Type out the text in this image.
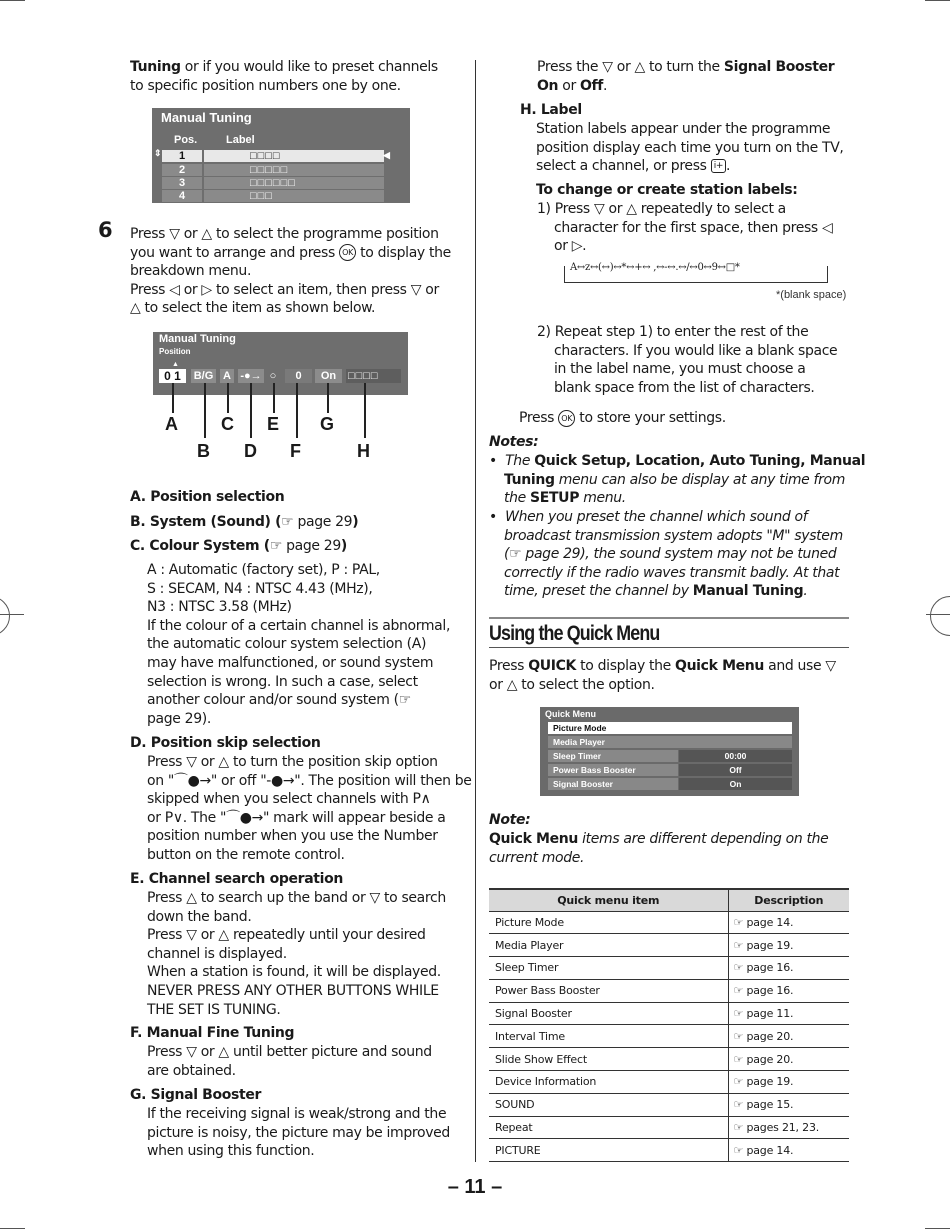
Tuning or if you would like to preset channels
to specific position numbers one by one.
Manual Tuning
Pos.	Label
⇕	1	□□□□	◀
2	□□□□□
3	□□□□□□
4	□□□
6 Press ▽ or △ to select the programme position
you want to arrange and press OK to display the
breakdown menu.
Press ◁ or ▷ to select an item, then press ▽ or
△ to select the item as shown below.
Manual Tuning
Position
▲
0 1	B/G A -●→ ○	0	On	□□□□
A
B
C
D
E
F
G
H
A. Position selection
B. System (Sound) (☞ page 29)
C. Colour System (☞ page 29)
A : Automatic (factory set), P : PAL,
S : SECAM, N4 : NTSC 4.43 (MHz),
N3 : NTSC 3.58 (MHz)
If the colour of a certain channel is abnormal,
the automatic colour system selection (A)
may have malfunctioned, or sound system
selection is wrong. In such a case, select
another colour and/or sound system (☞
page 29).
D. Position skip selection
Press ▽ or △ to turn the position skip option
on "⌒●→" or off "-●→". The position will then be
skipped when you select channels with P∧
or P∨. The "⌒●→" mark will appear beside a
position number when you use the Number
button on the remote control.
E. Channel search operation
Press △ to search up the band or ▽ to search
down the band.
Press ▽ or △ repeatedly until your desired
channel is displayed.
When a station is found, it will be displayed.
NEVER PRESS ANY OTHER BUTTONS WHILE
THE SET IS TUNING.
F. Manual Fine Tuning
Press ▽ or △ until better picture and sound
are obtained.
G. Signal Booster
If the receiving signal is weak/strong and the
picture is noisy, the picture may be improved
when using this function.
Press the ▽ or △ to turn the Signal Booster
On or Off.
H. Label
Station labels appear under the programme
position display each time you turn on the TV,
select a channel, or press i+ .
To change or create station labels:
1) Press ▽ or △ repeatedly to select a
character for the first space, then press ◁
or ▷.
A↔z↔(↔)↔*↔+↔ ,↔-↔.↔/↔0↔9↔□*
*(blank space)
2) Repeat step 1) to enter the rest of the
characters. If you would like a blank space
in the label name, you must choose a
blank space from the list of characters.
Press OK to store your settings.
Notes:
•  The Quick Setup, Location, Auto Tuning, Manual
Tuning menu can also be display at any time from
the SETUP menu.
•  When you preset the channel which sound of
broadcast transmission system adopts "M" system
(☞ page 29), the sound system may not be tuned
correctly if the radio waves transmit badly. At that
time, preset the channel by Manual Tuning.
Using the Quick Menu
Press QUICK to display the Quick Menu and use ▽
or △ to select the option.
Quick Menu
Picture Mode	◂	Dynamic	▸
Media Player
Sleep Timer	00:00
Power Bass Booster	Off
Signal Booster	On
Note:
Quick Menu items are different depending on the
current mode.
Quick menu item	Description
Picture Mode	☞ page 14.
Media Player	☞ page 19.
Sleep Timer	☞ page 16.
Power Bass Booster	☞ page 16.
Signal Booster	☞ page 11.
Interval Time	☞ page 20.
Slide Show Effect	☞ page 20.
Device Information	☞ page 19.
SOUND	☞ page 15.
Repeat	☞ pages 21, 23.
PICTURE	☞ page 14.
– 11 –
